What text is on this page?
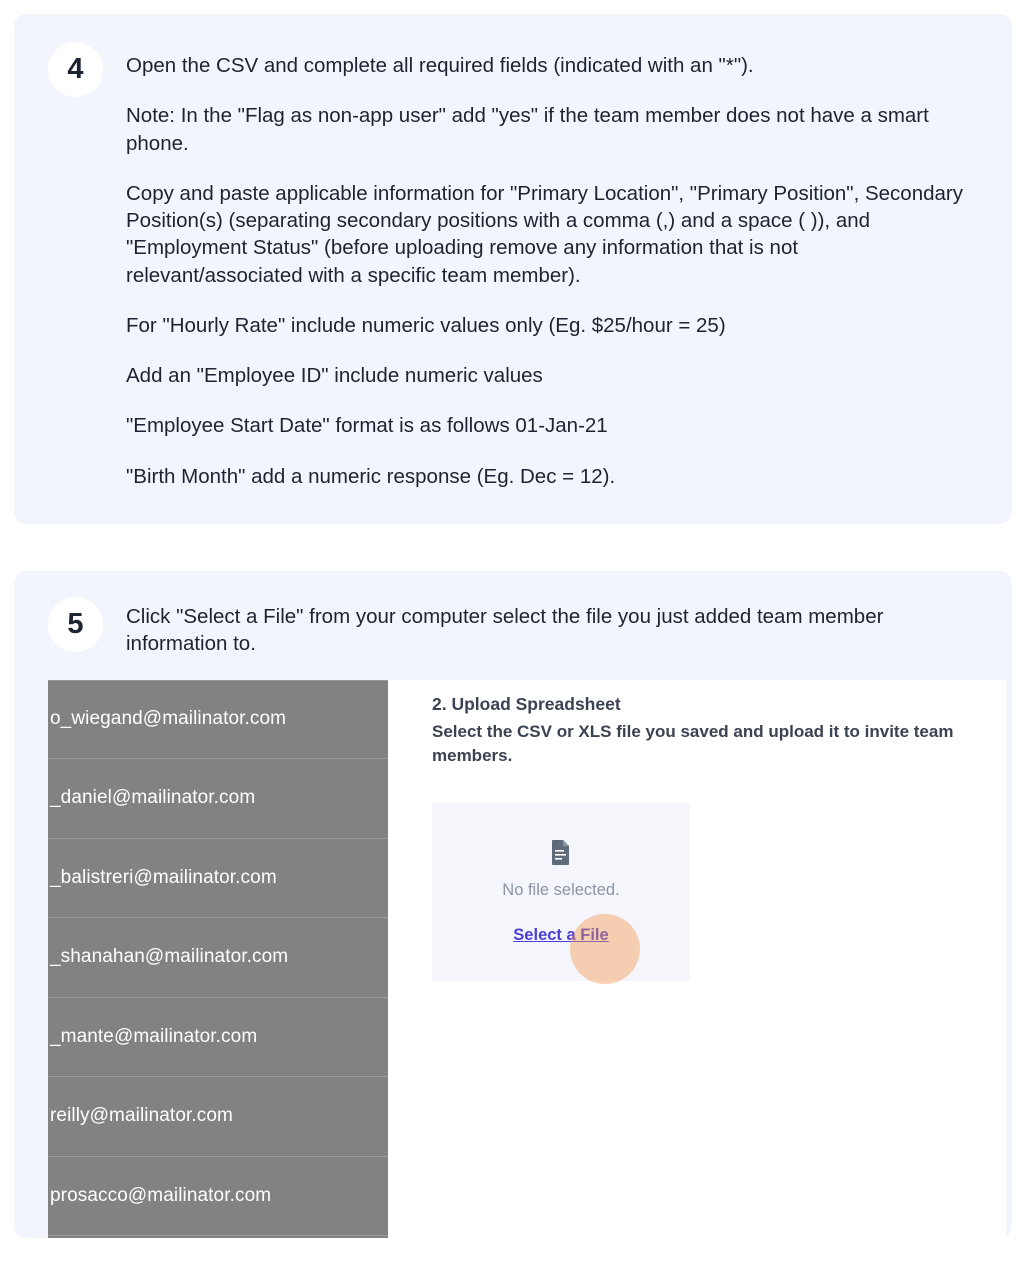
4	Open the CSV and complete all required fields (indicated with an "*").

Note: In the "Flag as non-app user" add "yes" if the team member does not have a smart phone.

Copy and paste applicable information for "Primary Location", "Primary Position", Secondary Position(s) (separating secondary positions with a comma (,) and a space ( )), and "Employment Status" (before uploading remove any information that is not relevant/associated with a specific team member).

For "Hourly Rate" include numeric values only (Eg. $25/hour = 25)

Add an "Employee ID" include numeric values

"Employee Start Date" format is as follows 01-Jan-21

"Birth Month" add a numeric response (Eg. Dec = 12).

5	Click "Select a File" from your computer select the file you just added team member information to.

o_wiegand@mailinator.com
_daniel@mailinator.com
_balistreri@mailinator.com
_shanahan@mailinator.com
_mante@mailinator.com
reilly@mailinator.com
prosacco@mailinator.com
2. Upload Spreadsheet

Select the CSV or XLS file you saved and upload it to invite team members.

No file selected.
Select a File
